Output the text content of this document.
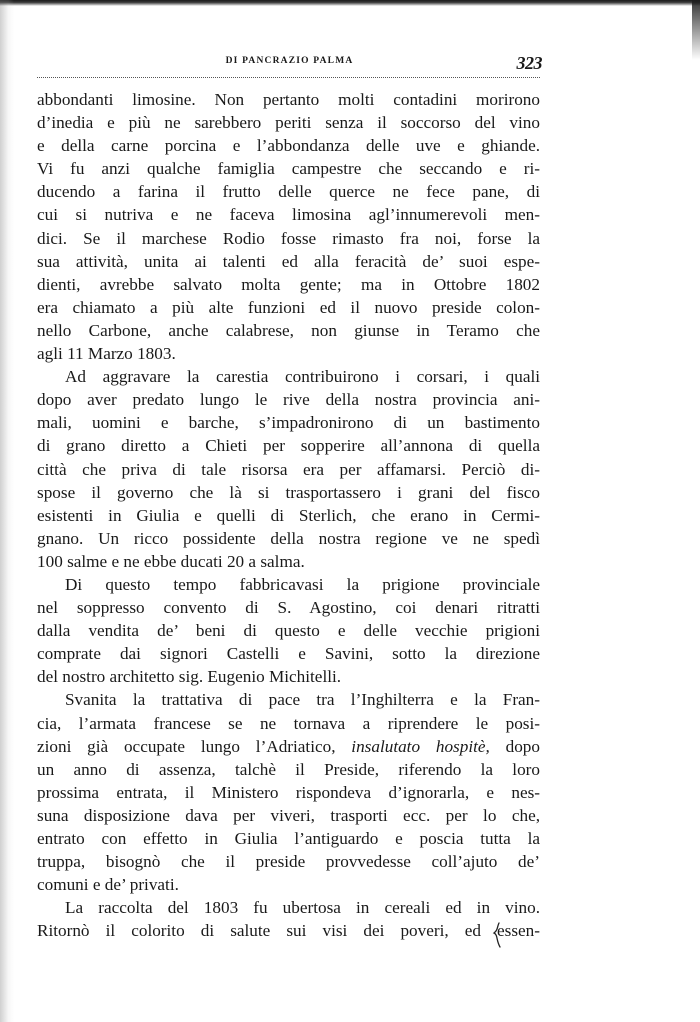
DI PANCRAZIO PALMA	323
abbondanti limosine. Non pertanto molti contadini morirono
d’inedia e più ne sarebbero periti senza il soccorso del vino
e della carne porcina e l’abbondanza delle uve e ghiande.
Vi fu anzi qualche famiglia campestre che seccando e ri-
ducendo a farina il frutto delle querce ne fece pane, di
cui si nutriva e ne faceva limosina agl’innumerevoli men-
dici. Se il marchese Rodio fosse rimasto fra noi, forse la
sua attività, unita ai talenti ed alla feracità de’ suoi espe-
dienti, avrebbe salvato molta gente; ma in Ottobre 1802
era chiamato a più alte funzioni ed il nuovo preside colon-
nello Carbone, anche calabrese, non giunse in Teramo che
agli 11 Marzo 1803.
Ad aggravare la carestia contribuirono i corsari, i quali
dopo aver predato lungo le rive della nostra provincia ani-
mali, uomini e barche, s’impadronirono di un bastimento
di grano diretto a Chieti per sopperire all’annona di quella
città che priva di tale risorsa era per affamarsi. Perciò di-
spose il governo che là si trasportassero i grani del fisco
esistenti in Giulia e quelli di Sterlich, che erano in Cermi-
gnano. Un ricco possidente della nostra regione ve ne spedì
100 salme e ne ebbe ducati 20 a salma.
Di questo tempo fabbricavasi la prigione provinciale
nel soppresso convento di S. Agostino, coi denari ritratti
dalla vendita de’ beni di questo e delle vecchie prigioni
comprate dai signori Castelli e Savini, sotto la direzione
del nostro architetto sig. Eugenio Michitelli.
Svanita la trattativa di pace tra l’Inghilterra e la Fran-
cia, l’armata francese se ne tornava a riprendere le posi-
zioni già occupate lungo l’Adriatico, insalutato hospitè, dopo
un anno di assenza, talchè il Preside, riferendo la loro
prossima entrata, il Ministero rispondeva d’ignorarla, e nes-
suna disposizione dava per viveri, trasporti ecc. per lo che,
entrato con effetto in Giulia l’antiguardo e poscia tutta la
truppa, bisognò che il preside provvedesse coll’ajuto de’
comuni e de’ privati.
La raccolta del 1803 fu ubertosa in cereali ed in vino.
Ritornò il colorito di salute sui visi dei poveri, ed essen-
